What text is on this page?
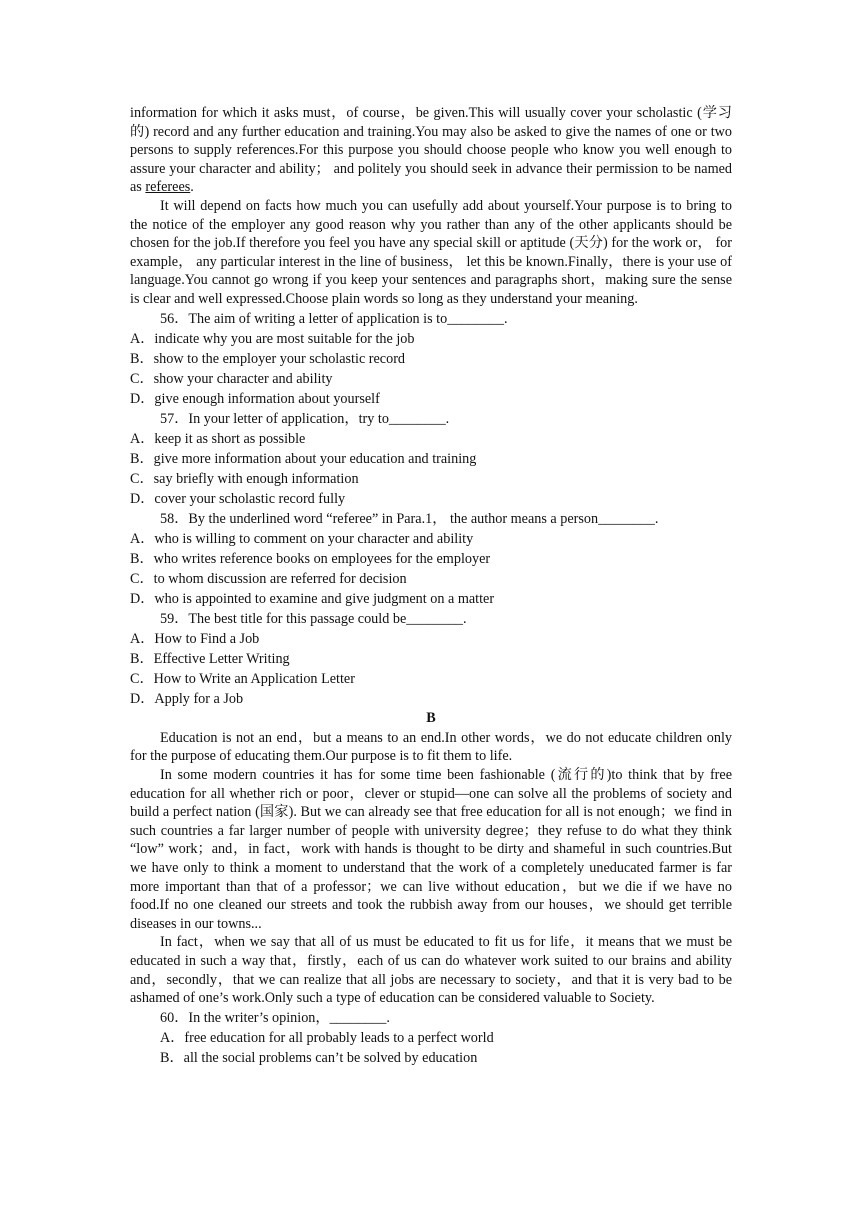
information for which it asks must，of course，be given.This will usually cover your scholastic (学习的) record and any further education and training.You may also be asked to give the names of one or two persons to supply references.For this purpose you should choose people who know you well enough to assure your character and ability； and politely you should seek in advance their permission to be named as referees.

It will depend on facts how much you can usefully add about yourself.Your purpose is to bring to the notice of the employer any good reason why you rather than any of the other applicants should be chosen for the job.If therefore you feel you have any special skill or aptitude (天分) for the work or， for example， any particular interest in the line of business， let this be known.Finally，there is your use of language.You cannot go wrong if you keep your sentences and paragraphs short，making sure the sense is clear and well expressed.Choose plain words so long as they understand your meaning.

56．The aim of writing a letter of application is to________.

A．indicate why you are most suitable for the job

B．show to the employer your scholastic record

C．show your character and ability

D．give enough information about yourself

57．In your letter of application，try to________.

A．keep it as short as possible

B．give more information about your education and training

C．say briefly with enough information

D．cover your scholastic record fully

58．By the underlined word “referee” in Para.1， the author means a person________.

A．who is willing to comment on your character and ability

B．who writes reference books on employees for the employer

C．to whom discussion are referred for decision

D．who is appointed to examine and give judgment on a matter

59．The best title for this passage could be________.

A．How to Find a Job

B．Effective Letter Writing

C．How to Write an Application Letter

D．Apply for a Job

B

Education is not an end，but a means to an end.In other words，we do not educate children only for the purpose of educating them.Our purpose is to fit them to life.

In some modern countries it has for some time been fashionable (流行的)to think that by free education for all whether rich or poor，clever or stupid—one can solve all the problems of society and build a perfect nation (国家). But we can already see that free education for all is not enough；we find in such countries a far larger number of people with university degree；they refuse to do what they think “low” work；and，in fact，work with hands is thought to be dirty and shameful in such countries.But we have only to think a moment to understand that the work of a completely uneducated farmer is far more important than that of a professor；we can live without education，but we die if we have no food.If no one cleaned our streets and took the rubbish away from our houses，we should get terrible diseases in our towns...

In fact，when we say that all of us must be educated to fit us for life，it means that we must be educated in such a way that，firstly，each of us can do whatever work suited to our brains and ability and，secondly，that we can realize that all jobs are necessary to society，and that it is very bad to be ashamed of one’s work.Only such a type of education can be considered valuable to Society.

60．In the writer’s opinion，________.

A．free education for all probably leads to a perfect world

B．all the social problems can’t be solved by education
